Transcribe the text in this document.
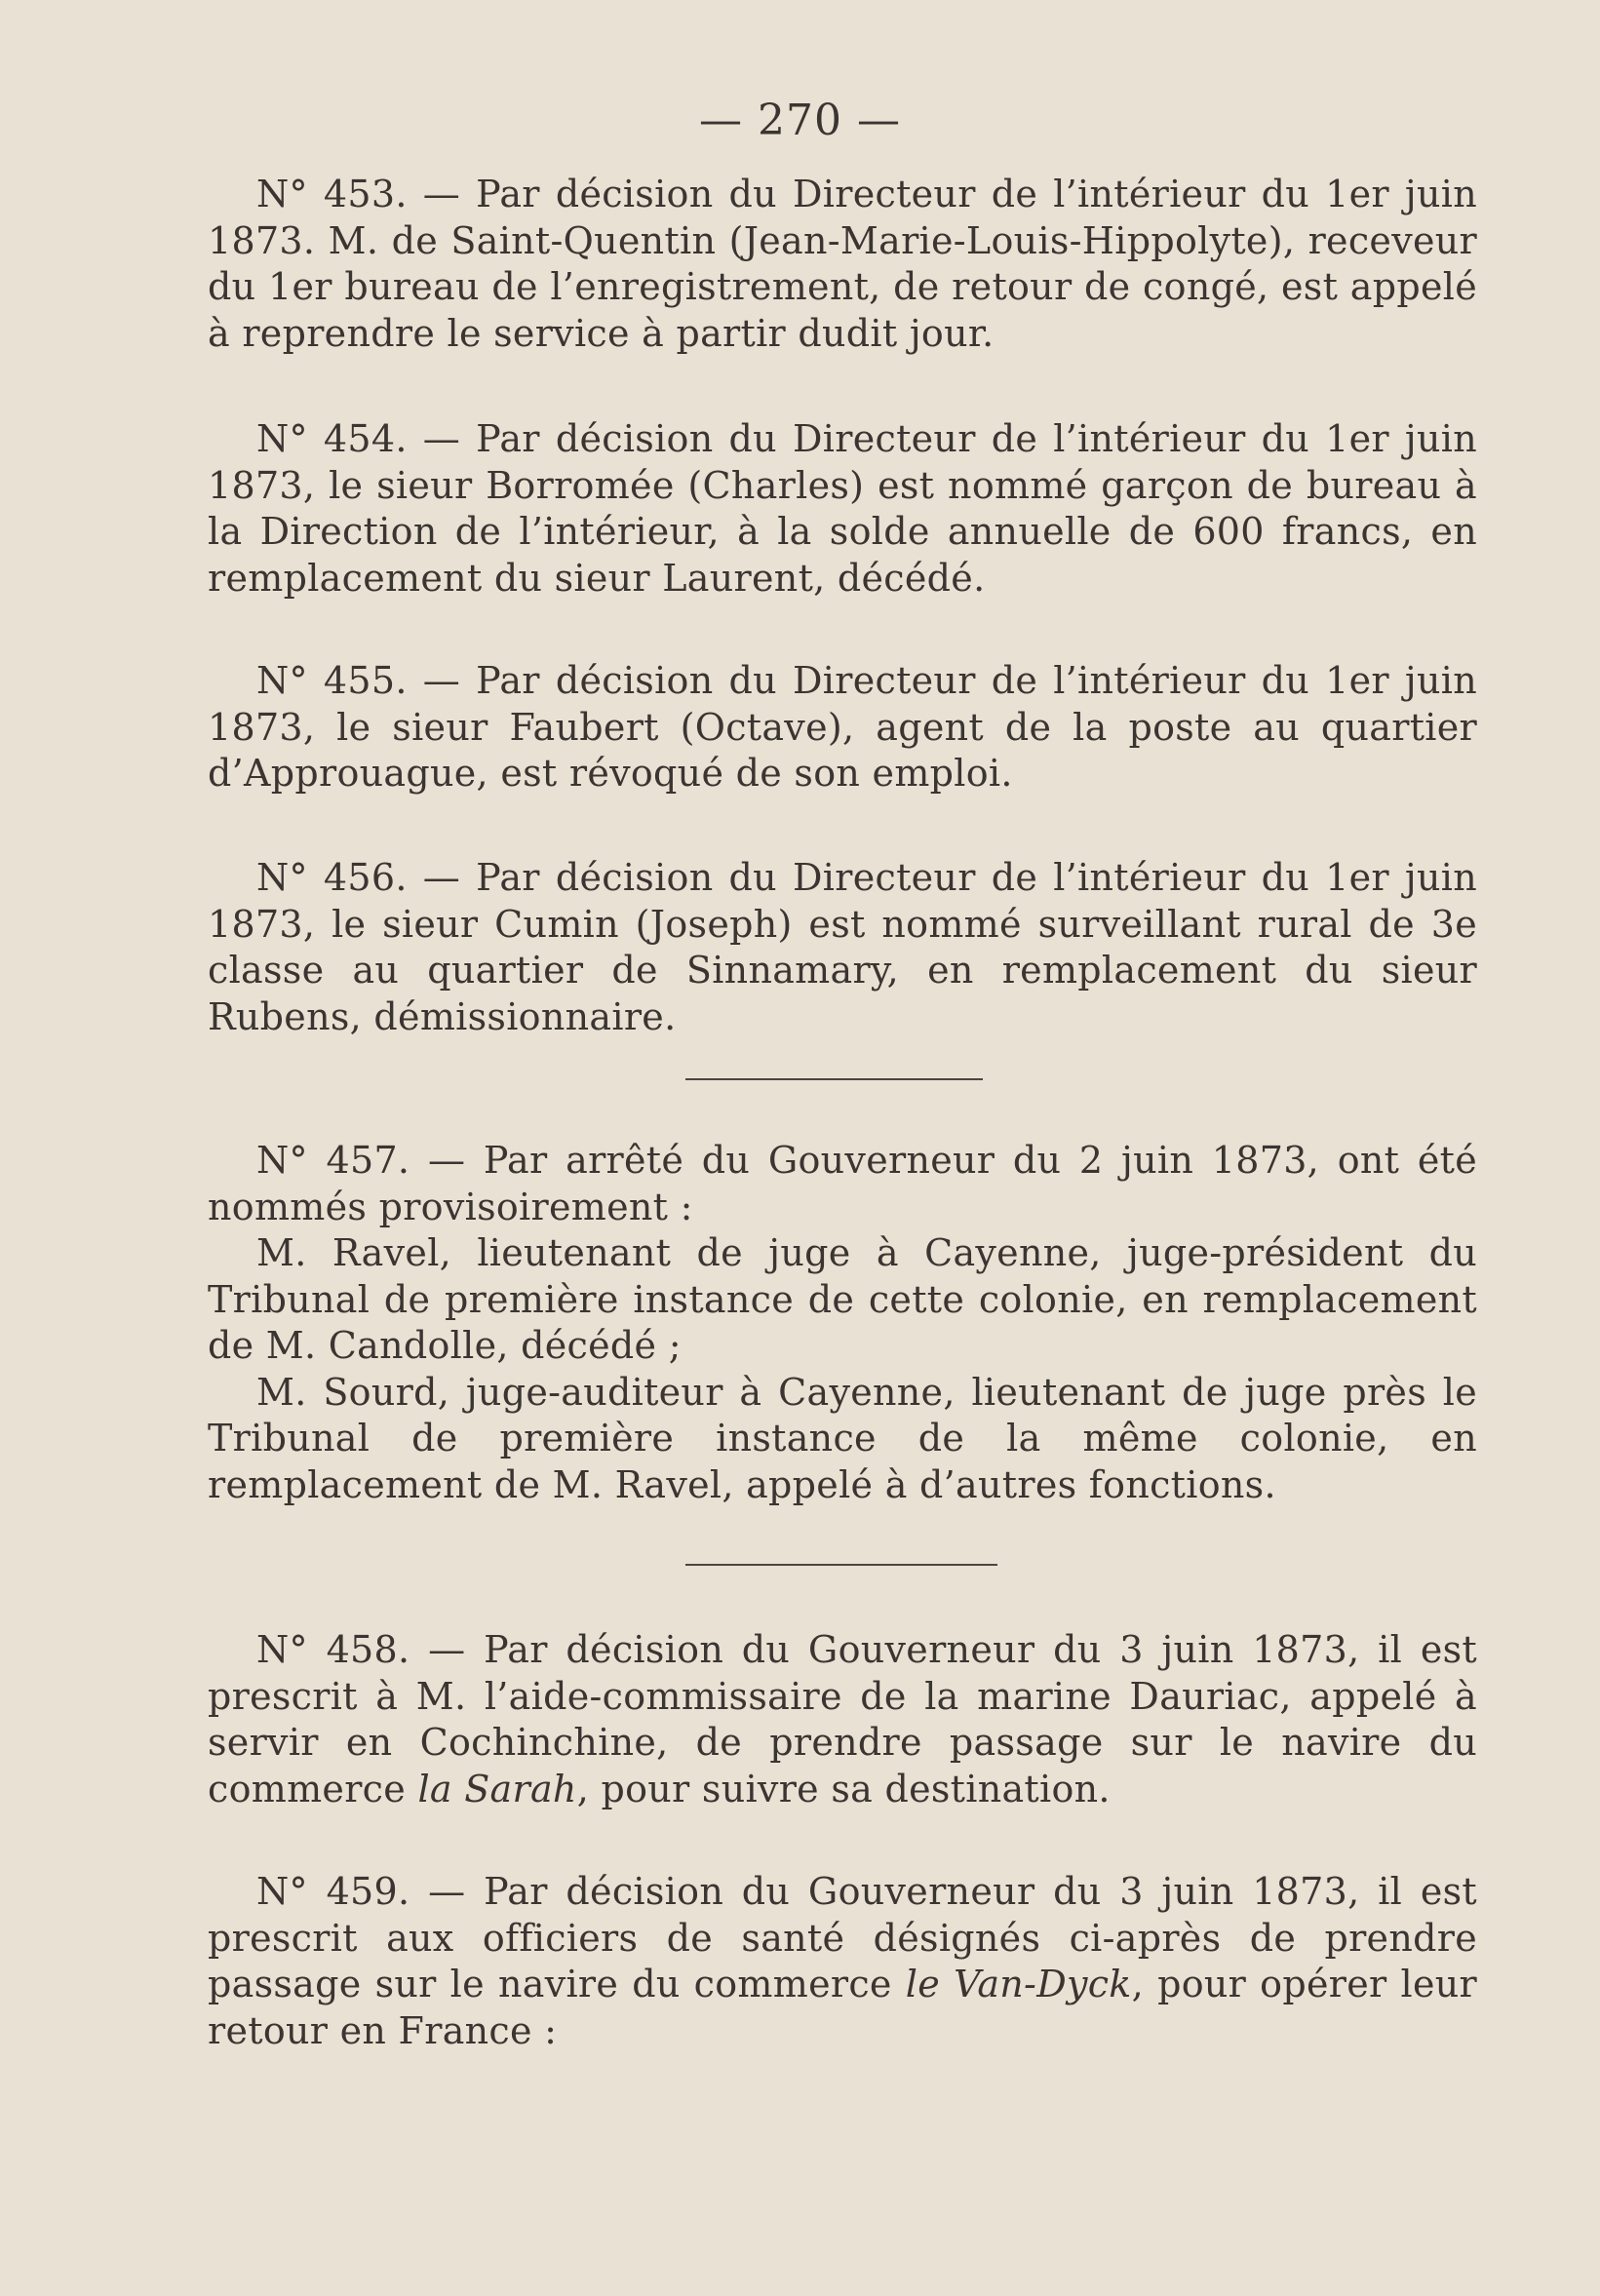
— 270 —

N° 453. — Par décision du Directeur de l’intérieur du 1er juin 1873. M. de Saint-Quentin (Jean-Marie-Louis-Hippolyte), receveur du 1er bureau de l’enregistrement, de retour de congé, est appelé à reprendre le service à partir dudit jour.

N° 454. — Par décision du Directeur de l’intérieur du 1er juin 1873, le sieur Borromée (Charles) est nommé garçon de bureau à la Direction de l’intérieur, à la solde annuelle de 600 francs, en remplacement du sieur Laurent, décédé.

N° 455. — Par décision du Directeur de l’intérieur du 1er juin 1873, le sieur Faubert (Octave), agent de la poste au quartier d’Approuague, est révoqué de son emploi.

N° 456. — Par décision du Directeur de l’intérieur du 1er juin 1873, le sieur Cumin (Joseph) est nommé surveillant rural de 3e classe au quartier de Sinnamary, en remplacement du sieur Rubens, démissionnaire.

N° 457. — Par arrêté du Gouverneur du 2 juin 1873, ont été nommés provisoirement :

M. Ravel, lieutenant de juge à Cayenne, juge-président du Tribunal de première instance de cette colonie, en remplacement de M. Candolle, décédé ;

M. Sourd, juge-auditeur à Cayenne, lieutenant de juge près le Tribunal de première instance de la même colonie, en remplacement de M. Ravel, appelé à d’autres fonctions.

N° 458. — Par décision du Gouverneur du 3 juin 1873, il est prescrit à M. l’aide-commissaire de la marine Dauriac, appelé à servir en Cochinchine, de prendre passage sur le navire du commerce la Sarah, pour suivre sa destination.

N° 459. — Par décision du Gouverneur du 3 juin 1873, il est prescrit aux officiers de santé désignés ci-après de prendre passage sur le navire du commerce le Van-Dyck, pour opérer leur retour en France :
